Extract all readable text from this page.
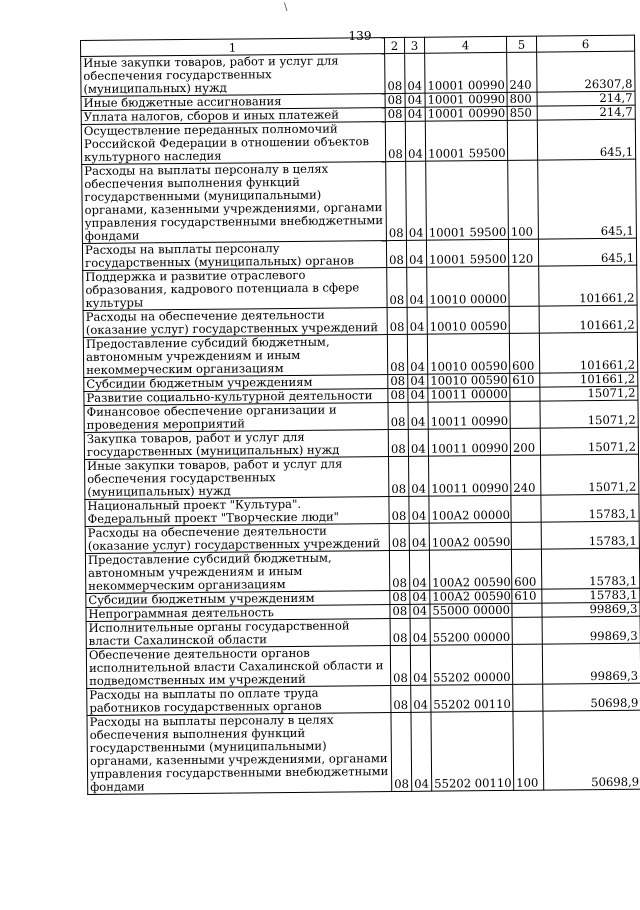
\
139
1	2	3	4	5	6
Иные закупки товаров, работ и услуг для обеспечения государственных (муниципальных) нужд	08	04	10001 00990	240	26307,8
Иные бюджетные ассигнования	08	04	10001 00990	800	214,7
Уплата налогов, сборов и иных платежей	08	04	10001 00990	850	214,7
Осуществление переданных полномочий Российской Федерации в отношении объектов культурного наследия	08	04	10001 59500		645,1
Расходы на выплаты персоналу в целях обеспечения выполнения функций государственными (муниципальными) органами, казенными учреждениями, органами управления государственными внебюджетными фондами	08	04	10001 59500	100	645,1
Расходы на выплаты персоналу государственных (муниципальных) органов	08	04	10001 59500	120	645,1
Поддержка и развитие отраслевого образования, кадрового потенциала в сфере культуры	08	04	10010 00000		101661,2
Расходы на обеспечение деятельности (оказание услуг) государственных учреждений	08	04	10010 00590		101661,2
Предоставление субсидий бюджетным, автономным учреждениям и иным некоммерческим организациям	08	04	10010 00590	600	101661,2
Субсидии бюджетным учреждениям	08	04	10010 00590	610	101661,2
Развитие социально-культурной деятельности	08	04	10011 00000		15071,2
Финансовое обеспечение организации и проведения мероприятий	08	04	10011 00990		15071,2
Закупка товаров, работ и услуг для государственных (муниципальных) нужд	08	04	10011 00990	200	15071,2
Иные закупки товаров, работ и услуг для обеспечения государственных (муниципальных) нужд	08	04	10011 00990	240	15071,2
Национальный проект "Культура". Федеральный проект "Творческие люди"	08	04	100A2 00000		15783,1
Расходы на обеспечение деятельности (оказание услуг) государственных учреждений	08	04	100A2 00590		15783,1
Предоставление субсидий бюджетным, автономным учреждениям и иным некоммерческим организациям	08	04	100A2 00590	600	15783,1
Субсидии бюджетным учреждениям	08	04	100A2 00590	610	15783,1
Непрограммная деятельность	08	04	55000 00000		99869,3
Исполнительные органы государственной власти Сахалинской области	08	04	55200 00000		99869,3
Обеспечение деятельности органов исполнительной власти Сахалинской области и подведомственных им учреждений	08	04	55202 00000		99869,3
Расходы на выплаты по оплате труда работников государственных органов	08	04	55202 00110		50698,9
Расходы на выплаты персоналу в целях обеспечения выполнения функций государственными (муниципальными) органами, казенными учреждениями, органами управления государственными внебюджетными фондами	08	04	55202 00110	100	50698,9
